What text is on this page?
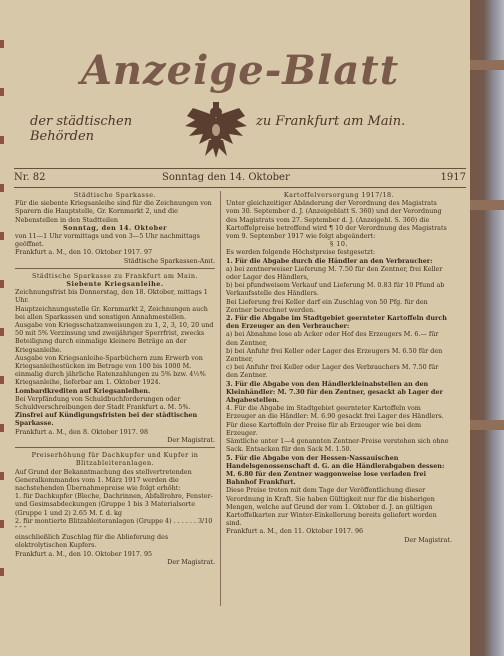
Anzeige-Blatt
der städtischen Behörden
zu Frankfurt am Main.
Nr. 82	Sonntag den 14. Oktober	1917

Städtische Sparkasse.

Für die siebente Kriegsanleihe sind für die Zeichnungen von Sparern die Hauptstelle, Gr. Kornmarkt 2, und die Nebenstellen in den Stadtteilen

Sonntag, den 14. Oktober

von 11—1 Uhr vormittags und von 3—5 Uhr nachmittags geöffnet.

Frankfurt a. M., den 10. Oktober 1917. 97

Städtische Sparkassen-Amt.

Städtische Sparkasse zu Frankfurt am Main.

Siebente Kriegsanleihe.

Zeichnungsfrist bis Donnerstag, den 18. Oktober, mittags 1 Uhr.

Hauptzeichnungsstelle Gr. Kornmarkt 2, Zeichnungen auch bei allen Sparkassen und sonstigen Annahmestellen.

Ausgabe von Kriegsschatzanweisungen zu 1, 2, 3, 10, 20 und 50 mit 5% Verzinsung und zweijähriger Sperrfrist, zwecks Beteiligung durch einmalige kleinere Beträge an der Kriegsanleihe.

Ausgabe von Kriegsanleihe-Sparbüchern zum Erwerb von Kriegsanleihestücken im Betrage von 100 bis 1000 M. einmalig durch jährliche Ratenzahlungen zu 5% bzw. 4½% Kriegsanleihe, lieferbar am 1. Oktober 1924.

Lombardkrediten auf Kriegsanleihen.

Bei Verpfändung von Schuldbuchforderungen oder Schuldverschreibungen der Stadt Frankfurt a. M. 5%.

Zinsfrei auf Kündigungsfristen bei der städtischen Sparkasse.

Frankfurt a. M., den 8. Oktober 1917. 98

Der Magistrat.

Preiserhöhung für Dachkupfer und Kupfer in Blitzableiteranlagen.

Auf Grund der Bekanntmachung des stellvertretenden Generalkommandos vom 1. März 1917 werden die nachstehenden Übernahmepreise wie folgt erhöht:

1. für Dachkupfer (Bleche, Dachrinnen, Abfallrohre, Fenster- und Gesimsabdeckungen (Gruppe 1 bis 3 Materialsorte (Gruppe 1 und 2) 2.65 M. f. d. kg

2. für montierte Blitzableiteranlagen (Gruppe 4) . . . . . . 3/10 ″ ″ ″

einschließlich Zuschlag für die Ablieferung des elektrolytischen Kupfers.

Frankfurt a. M., den 10. Oktober 1917. 95

Der Magistrat.

Kartoffelversorgung 1917/18.

Unter gleichzeitiger Abänderung der Verordnung des Magistrats vom 30. September d. J. (Anzeigeblatt S. 360) und der Verordnung des Magistrats vom 27. September d. J. (Anzeigebl. S. 360) die Kartoffelpreise betreffend wird ¶ 10 der Verordnung des Magistrats vom 9. September 1917 wie folgt abgeändert:

§ 10.

Es werden folgende Höchstpreise festgesetzt:

1. Für die Abgabe durch die Händler an den Verbraucher:

a) bei zentnerweiser Lieferung M. 7.50 für den Zentner, frei Keller oder Lager des Händlers,

b) bei pfundweisem Verkauf und Lieferung M. 0.83 für 10 Pfund ab Verkaufsstelle des Händlers.

Bei Lieferung frei Keller darf ein Zuschlag von 50 Pfg. für den Zentner berechnet werden.

2. Für die Abgabe im Stadtgebiet geernteter Kartoffeln durch den Erzeuger an den Verbraucher:

a) bei Abnahme lose ab Acker oder Hof des Erzeugers M. 6.— für den Zentner,

b) bei Anfuhr frei Keller oder Lager des Erzeugers M. 6.50 für den Zentner,

c) bei Anfuhr frei Keller oder Lager des Verbrauchers M. 7.50 für den Zentner.

3. Für die Abgabe von den Händlerkleinabstellen an den Kleinhändler: M. 7.30 für den Zentner, gesackt ab Lager der Abgabestellen.

4. Für die Abgabe im Stadtgebiet geernteter Kartoffeln vom Erzeuger an die Händler: M. 6.90 gesackt frei Lager des Händlers. Für diese Kartoffeln der Preise für ab Erzeuger wie bei dem Erzeuger.

Sämtliche unter 1—4 genannten Zentner-Preise verstehen sich ohne Sack. Entsacken für den Sack M. 1.50.

5. Für die Abgabe von der Hessen-Nassauischen Handelsgenossenschaft d. G. an die Händlerabgaben dessen: M. 6.80 für den Zentner waggonweise lose verladen frei Bahnhof Frankfurt.

Diese Preise treten mit dem Tage der Veröffentlichung dieser Verordnung in Kraft. Sie haben Gültigkeit nur für die bisherigen Mengen, welche auf Grund der vom 1. Oktober d. J. an gültigen Kartoffelkarten zur Winter-Einkellerung bereits geliefert worden sind.

Frankfurt a. M., den 11. Oktober 1917. 96

Der Magistrat.
